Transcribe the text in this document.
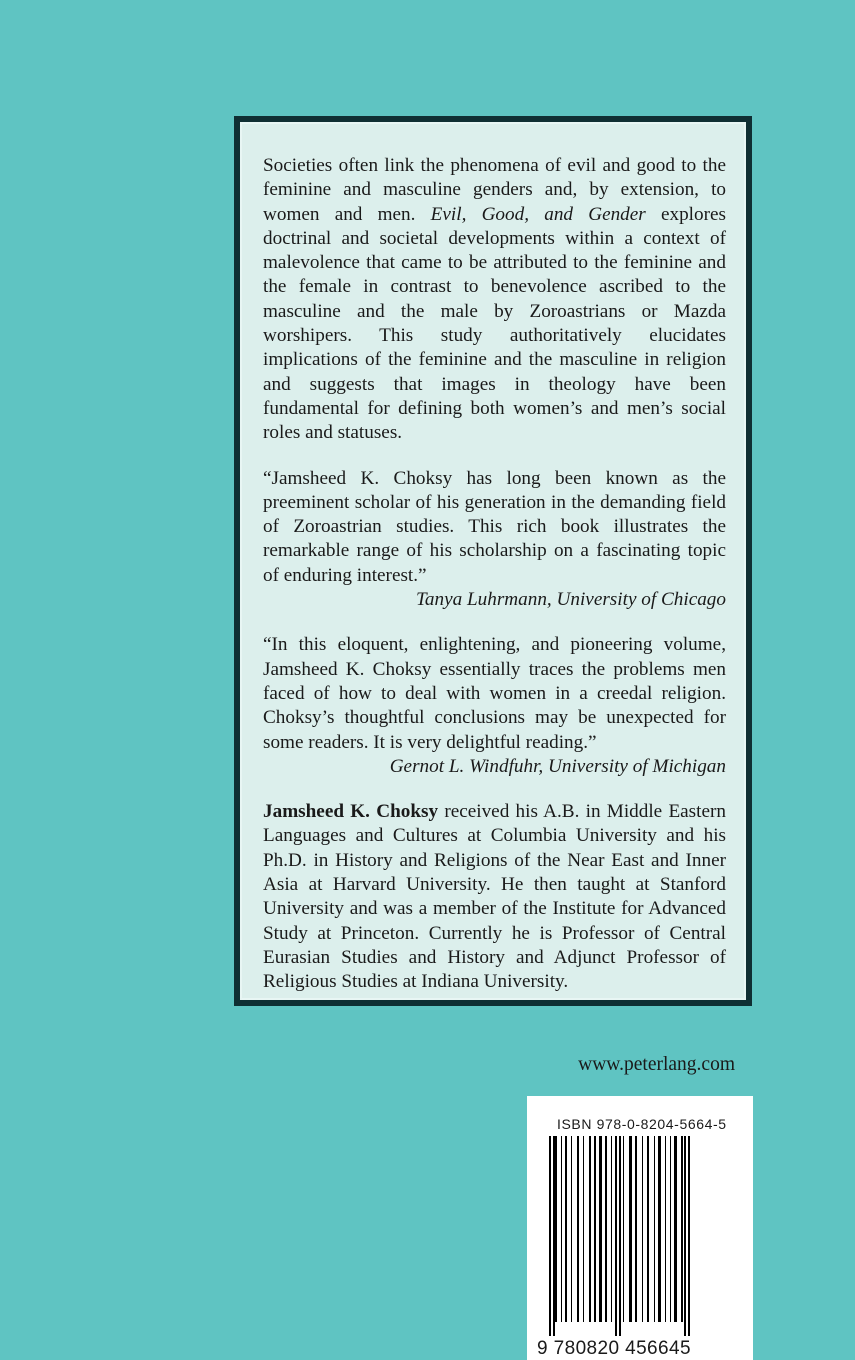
Societies often link the phenomena of evil and good to the feminine and masculine genders and, by extension, to women and men. Evil, Good, and Gender explores doctrinal and societal developments within a context of malevolence that came to be attributed to the feminine and the female in contrast to benevolence ascribed to the masculine and the male by Zoroastrians or Mazda worshipers. This study authoritatively elucidates implications of the feminine and the masculine in religion and suggests that images in theology have been fundamental for defining both women’s and men’s social roles and statuses.

“Jamsheed K. Choksy has long been known as the preeminent scholar of his generation in the demanding field of Zoroastrian studies. This rich book illustrates the remarkable range of his scholarship on a fascinating topic of enduring interest.”

Tanya Luhrmann, University of Chicago

“In this eloquent, enlightening, and pioneering volume, Jamsheed K. Choksy essentially traces the problems men faced of how to deal with women in a creedal religion. Choksy’s thoughtful conclusions may be unexpected for some readers. It is very delightful reading.”

Gernot L. Windfuhr, University of Michigan

Jamsheed K. Choksy received his A.B. in Middle Eastern Languages and Cultures at Columbia University and his Ph.D. in History and Religions of the Near East and Inner Asia at Harvard University. He then taught at Stanford University and was a member of the Institute for Advanced Study at Princeton. Currently he is Professor of Central Eurasian Studies and History and Adjunct Professor of Religious Studies at Indiana University.

www.peterlang.com
ISBN 978-0-8204-5664-5
9 780820 456645
